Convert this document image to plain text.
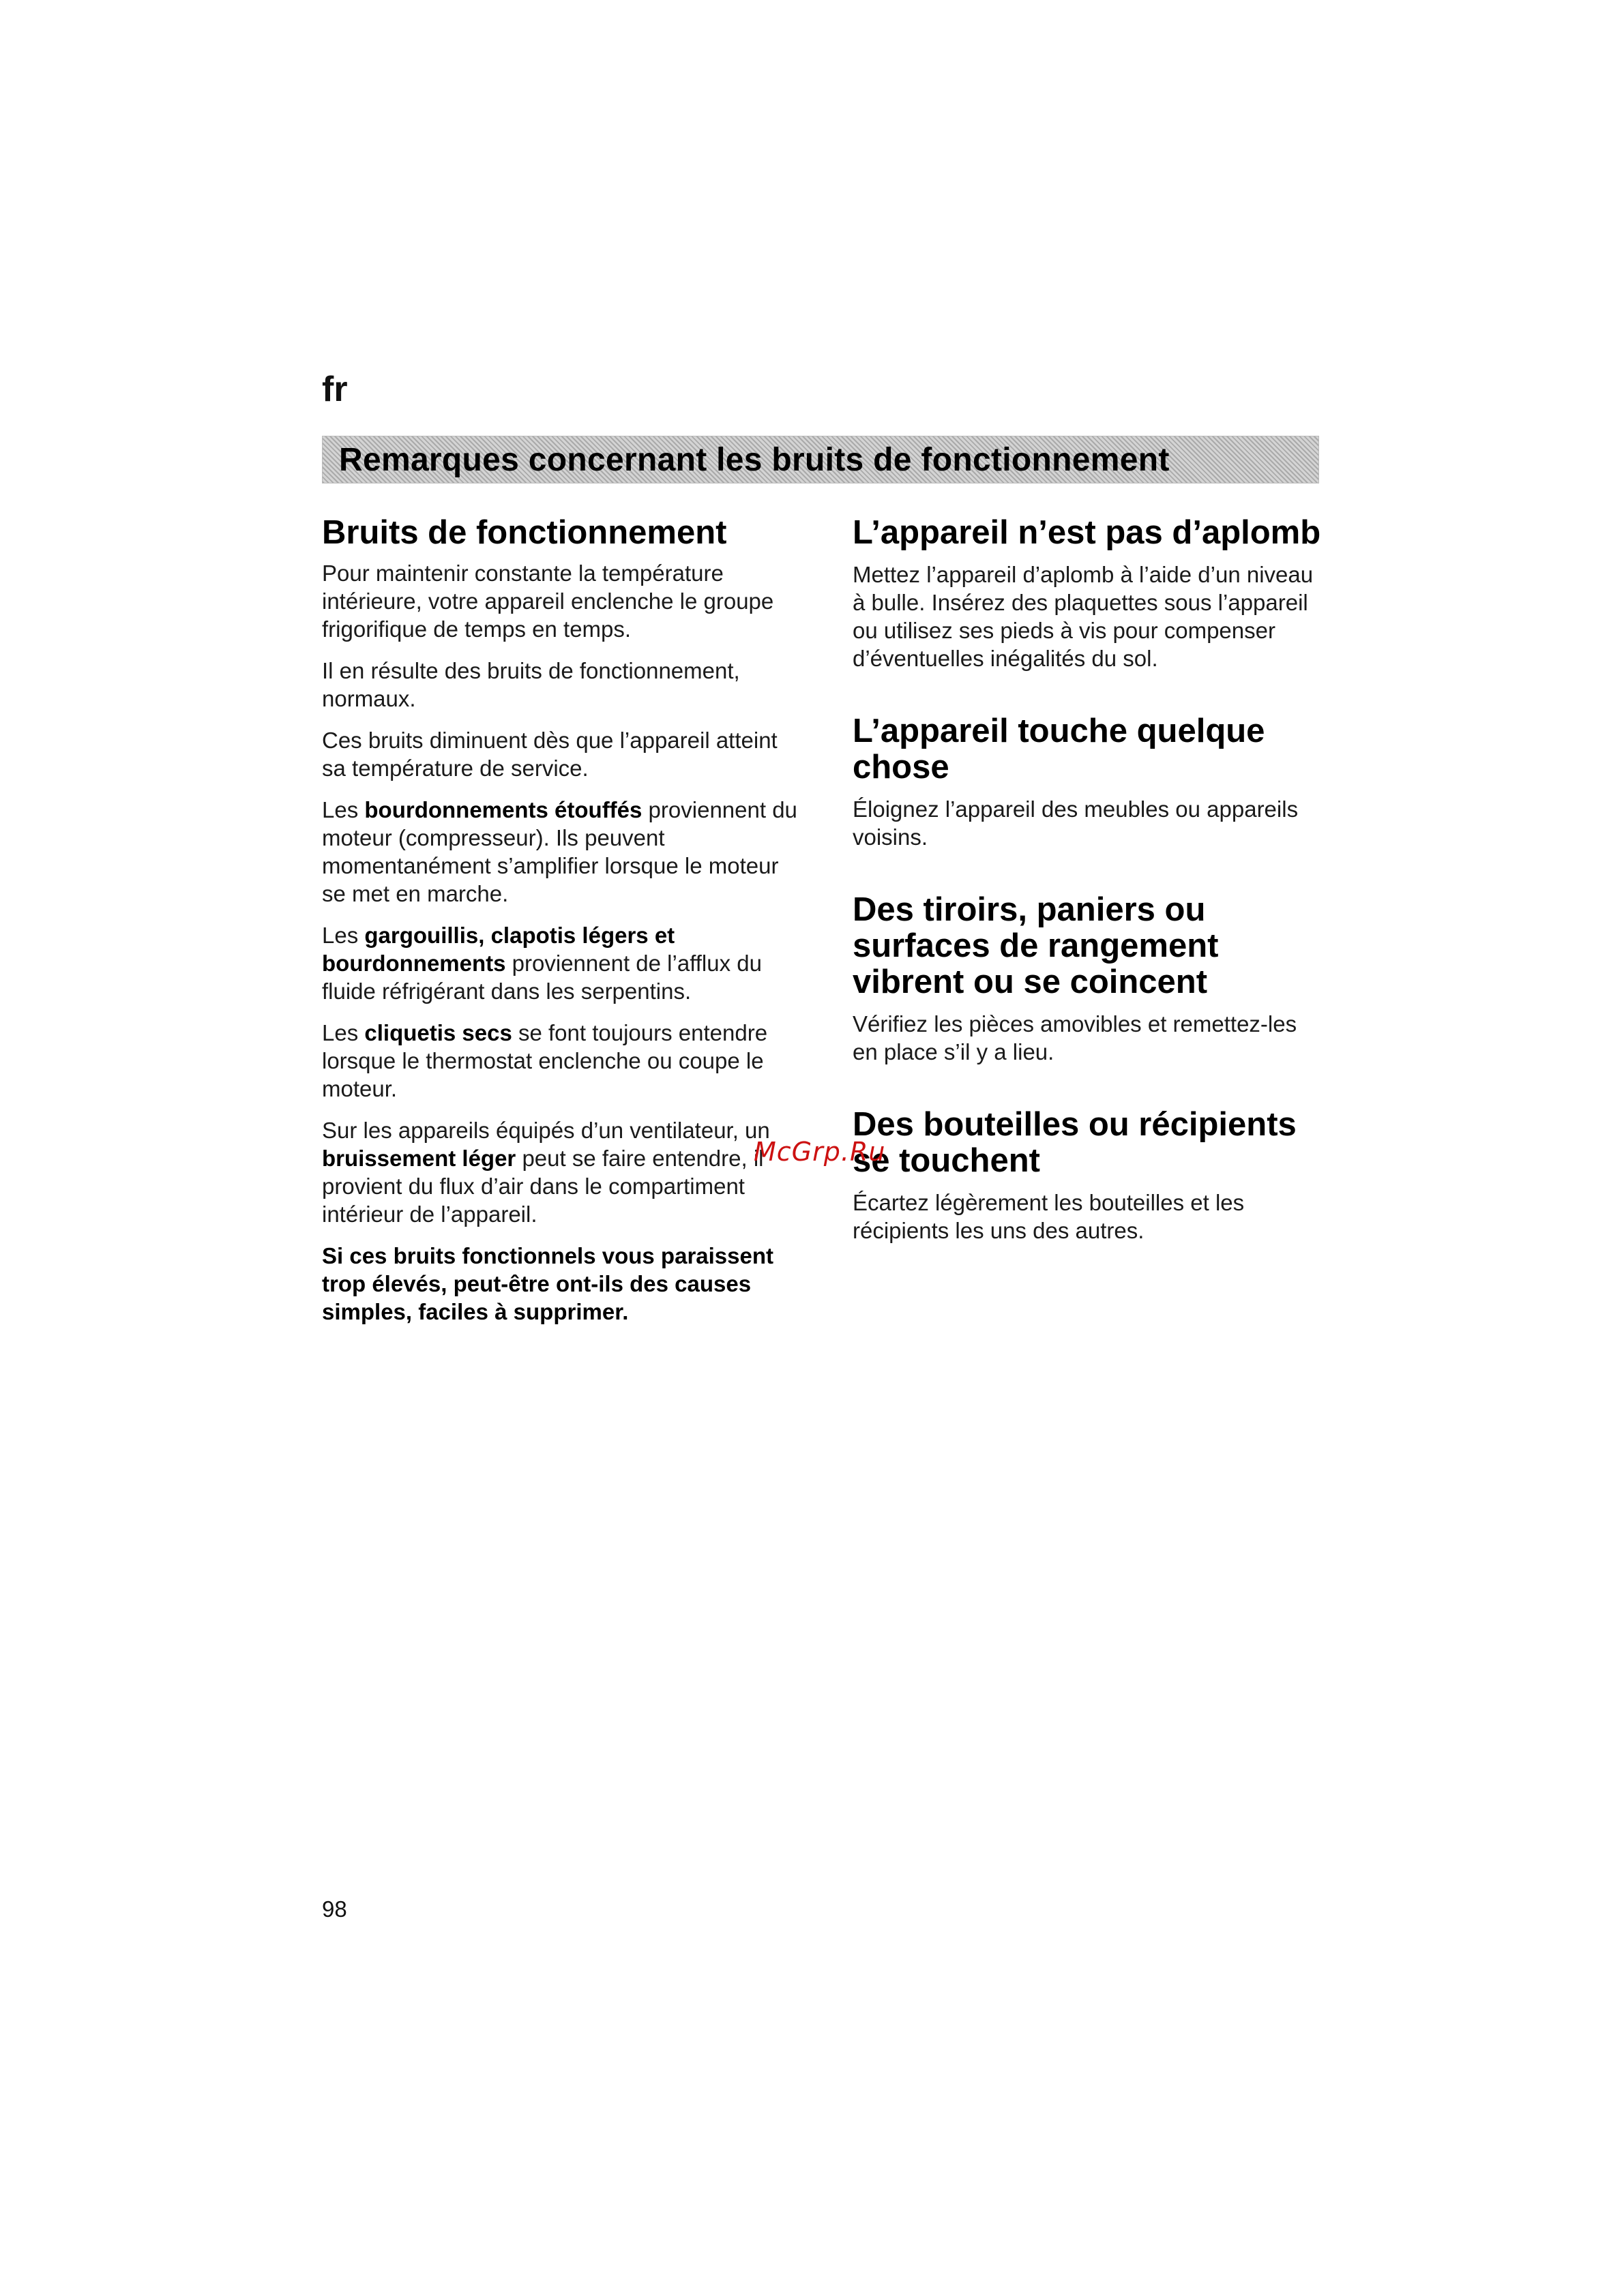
fr
Remarques concernant les bruits de fonctionnement
Bruits de fonctionnement

Pour maintenir constante la température intérieure, votre appareil enclenche le groupe frigorifique de temps en temps.

Il en résulte des bruits de fonctionnement, normaux.

Ces bruits diminuent dès que l’appareil atteint sa température de service.

Les bourdonnements étouffés proviennent du moteur (compresseur). Ils peuvent momentanément s’amplifier lorsque le moteur se met en marche.

Les gargouillis, clapotis légers et bourdonnements proviennent de l’afflux du fluide réfrigérant dans les serpentins.

Les cliquetis secs se font toujours entendre lorsque le thermostat enclenche ou coupe le moteur.

Sur les appareils équipés d’un ventilateur, un bruissement léger peut se faire entendre, il provient du flux d’air dans le compartiment intérieur de l’appareil.

Si ces bruits fonctionnels vous paraissent trop élevés, peut-être ont-ils des causes simples, faciles à supprimer.

L’appareil n’est pas d’aplomb

Mettez l’appareil d’aplomb à l’aide d’un niveau à bulle. Insérez des plaquettes sous l’appareil ou utilisez ses pieds à vis pour compenser d’éventuelles inégalités du sol.

L’appareil touche quelque chose

Éloignez l’appareil des meubles ou appareils voisins.

Des tiroirs, paniers ou surfaces de rangement vibrent ou se coincent

Vérifiez les pièces amovibles et remettez-les en place s’il y a lieu.

Des bouteilles ou récipients se touchent

Écartez légèrement les bouteilles et les récipients les uns des autres.

McGrp.Ru
98
